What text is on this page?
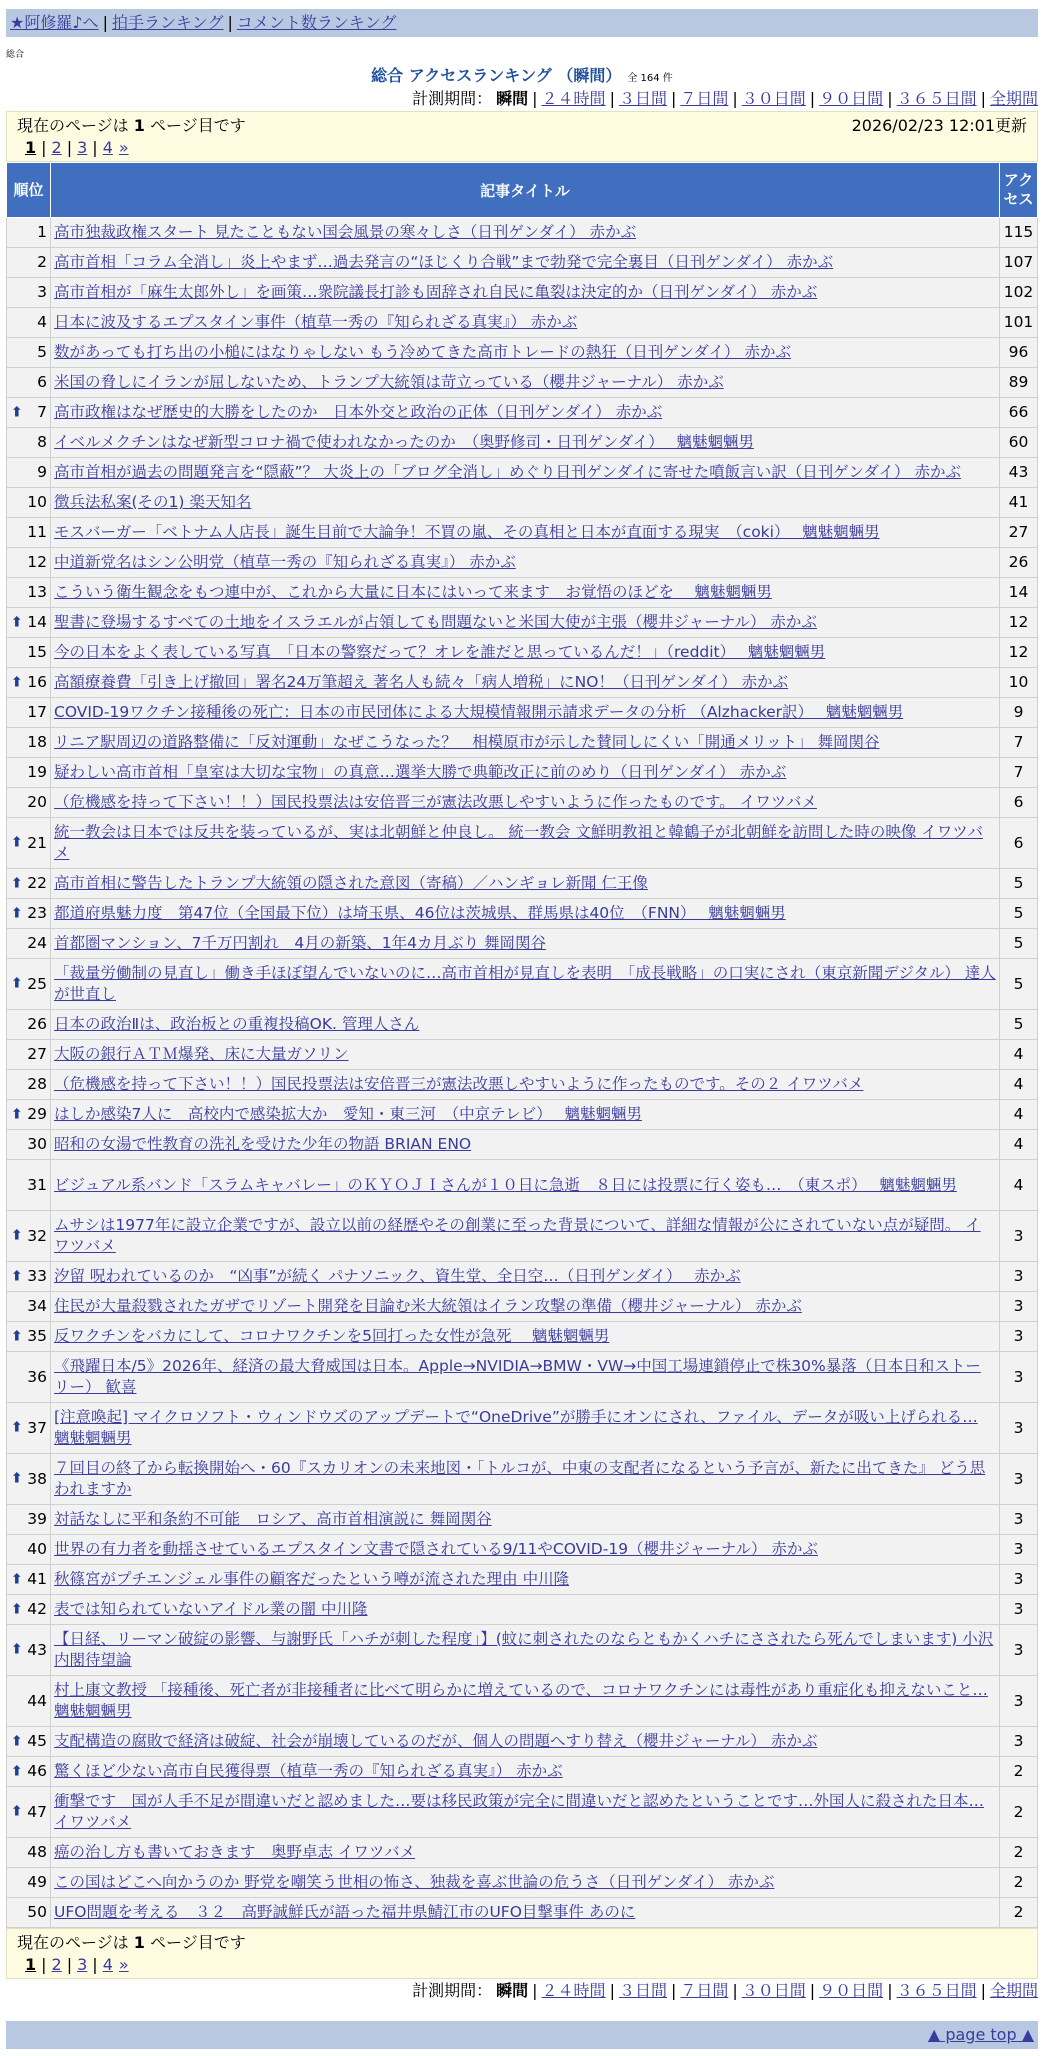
★阿修羅♪へ | 拍手ランキング | コメント数ランキング
総合
総合 アクセスランキング （瞬間） 全 164 件
計測期間： 瞬間 | ２４時間 | ３日間 | ７日間 | ３０日間 | ９０日間 | ３６５日間 | 全期間
現在のページは 1 ページ目です	2026/02/23 12:01更新
1 | 2 | 3 | 4 »
順位	記事タイトル	アクセス
1	高市独裁政権スタート 見たこともない国会風景の寒々しさ（日刊ゲンダイ） 赤かぶ	115
2	高市首相「コラム全消し」炎上やまず…過去発言の“ほじくり合戦”まで勃発で完全裏目（日刊ゲンダイ） 赤かぶ	107
3	高市首相が「麻生太郎外し」を画策…衆院議長打診も固辞され自民に亀裂は決定的か（日刊ゲンダイ） 赤かぶ	102
4	日本に波及するエプスタイン事件（植草一秀の『知られざる真実』） 赤かぶ	101
5	数があっても打ち出の小槌にはなりゃしない もう冷めてきた高市トレードの熱狂（日刊ゲンダイ） 赤かぶ	96
6	米国の脅しにイランが屈しないため、トランプ大統領は苛立っている（櫻井ジャーナル） 赤かぶ	89

⬆ 7	高市政権はなぜ歴史的大勝をしたのか　日本外交と政治の正体（日刊ゲンダイ） 赤かぶ	66
8	イベルメクチンはなぜ新型コロナ禍で使われなかったのか　（奥野修司・日刊ゲンダイ）　 魑魅魍魎男	60
9	高市首相が過去の問題発言を“隠蔽”？ 大炎上の「ブログ全消し」めぐり日刊ゲンダイに寄せた噴飯言い訳（日刊ゲンダイ） 赤かぶ	43
10	徴兵法私案(その1) 楽天知名	41
11	モスバーガー「ベトナム人店長」誕生目前で大論争！不買の嵐、その真相と日本が直面する現実　（coki）　 魑魅魍魎男	27
12	中道新党名はシン公明党（植草一秀の『知られざる真実』） 赤かぶ	26
13	こういう衛生観念をもつ連中が、これから大量に日本にはいって来ます　お覚悟のほどを　 魑魅魍魎男	14

⬆ 14	聖書に登場するすべての土地をイスラエルが占領しても問題ないと米国大使が主張（櫻井ジャーナル） 赤かぶ	12
15	今の日本をよく表している写真　「日本の警察だって？オレを誰だと思っているんだ！」（reddit）　 魑魅魍魎男	12

⬆ 16	高額療養費「引き上げ撤回」署名24万筆超え 著名人も続々「病人増税」にNO！（日刊ゲンダイ） 赤かぶ	10
17	COVID-19ワクチン接種後の死亡：日本の市民団体による大規模情報開示請求データの分析 （Alzhacker訳）　 魑魅魍魎男	9
18	リニア駅周辺の道路整備に「反対運動」なぜこうなった？　相模原市が示した賛同しにくい「開通メリット」 舞岡関谷	7
19	疑わしい高市首相「皇室は大切な宝物」の真意…選挙大勝で典範改正に前のめり（日刊ゲンダイ） 赤かぶ	7
20	（危機感を持って下さい！！）国民投票法は安倍晋三が憲法改悪しやすいように作ったものです。 イワツバメ	6

⬆ 21	統一教会は日本では反共を装っているが、実は北朝鮮と仲良し。 統一教会 文鮮明教祖と韓鶴子が北朝鮮を訪問した時の映像 イワツバメ	6

⬆ 22	高市首相に警告したトランプ大統領の隠された意図（寄稿）／ハンギョレ新聞 仁王像	5

⬆ 23	都道府県魅力度　第47位（全国最下位）は埼玉県、46位は茨城県、群馬県は40位　（FNN）　 魑魅魍魎男	5
24	首都圏マンション、7千万円割れ　4月の新築、1年4カ月ぶり 舞岡関谷	5

⬆ 25	「裁量労働制の見直し」働き手ほぼ望んでいないのに…高市首相が見直しを表明　「成長戦略」の口実にされ（東京新聞デジタル） 達人が世直し	5
26	日本の政治Ⅱは、政治板との重複投稿OK. 管理人さん	5
27	大阪の銀行ＡＴＭ爆発、床に大量ガソリン	4
28	（危機感を持って下さい！！）国民投票法は安倍晋三が憲法改悪しやすいように作ったものです。その２ イワツバメ	4

⬆ 29	はしか感染7人に　高校内で感染拡大か　愛知・東三河　（中京テレビ）　 魑魅魍魎男	4
30	昭和の女湯で性教育の洗礼を受けた少年の物語 BRIAN ENO	4
31	ビジュアル系バンド「スラムキャバレー」のＫＹＯＪＩさんが１０日に急逝　８日には投票に行く姿も…　（東スポ）　 魑魅魍魎男	4

⬆ 32	ムサシは1977年に設立企業ですが、設立以前の経歴やその創業に至った背景について、詳細な情報が公にされていない点が疑問。 イワツバメ	3

⬆ 33	汐留 呪われているのか　“凶事”が続く パナソニック、資生堂、全日空…（日刊ゲンダイ）　 赤かぶ	3
34	住民が大量殺戮されたガザでリゾート開発を目論む米大統領はイラン攻撃の準備（櫻井ジャーナル） 赤かぶ	3

⬆ 35	反ワクチンをバカにして、コロナワクチンを5回打った女性が急死　 魑魅魍魎男	3
36	《飛躍日本/5》2026年、経済の最大脅威国は日本。Apple→NVIDIA→BMW・VW→中国工場連鎖停止で株30%暴落（日本日和ストーリー） 歓喜	3

⬆ 37	[注意喚起] マイクロソフト・ウィンドウズのアップデートで“OneDrive”が勝手にオンにされ、ファイル、データが吸い上げられる… 魑魅魍魎男	3

⬆ 38	７回目の終了から転換開始へ・60『スカリオンの未来地図・「トルコが、中東の支配者になるという予言が、新たに出てきた』 どう思われますか	3
39	対話なしに平和条約不可能　ロシア、高市首相演説に 舞岡関谷	3
40	世界の有力者を動揺させているエプスタイン文書で隠されている9/11やCOVID-19（櫻井ジャーナル） 赤かぶ	3

⬆ 41	秋篠宮がプチエンジェル事件の顧客だったという噂が流された理由 中川隆	3

⬆ 42	表では知られていないアイドル業の闇 中川隆	3

⬆ 43	【日経、リーマン破綻の影響、与謝野氏「ハチが刺した程度」】(蚊に刺されたのならともかくハチにさされたら死んでしまいます) 小沢内閣待望論	3
44	村上康文教授 「接種後、死亡者が非接種者に比べて明らかに増えているので、コロナワクチンには毒性があり重症化も抑えないこと… 魑魅魍魎男	3

⬆ 45	支配構造の腐敗で経済は破綻、社会が崩壊しているのだが、個人の問題へすり替え（櫻井ジャーナル） 赤かぶ	3

⬆ 46	驚くほど少ない高市自民獲得票（植草一秀の『知られざる真実』） 赤かぶ	2

⬆ 47	衝撃です　国が人手不足が間違いだと認めました…要は移民政策が完全に間違いだと認めたということです…外国人に殺された日本… イワツバメ	2
48	癌の治し方も書いておきます　奥野卓志 イワツバメ	2
49	この国はどこへ向かうのか 野党を嘲笑う世相の怖さ、独裁を喜ぶ世論の危うさ（日刊ゲンダイ） 赤かぶ	2
50	UFO問題を考える　３２　高野誠鮮氏が語った福井県鯖江市のUFO目撃事件 あのに	2
現在のページは 1 ページ目です
1 | 2 | 3 | 4 »
計測期間： 瞬間 | ２４時間 | ３日間 | ７日間 | ３０日間 | ９０日間 | ３６５日間 | 全期間
▲ page top ▲
